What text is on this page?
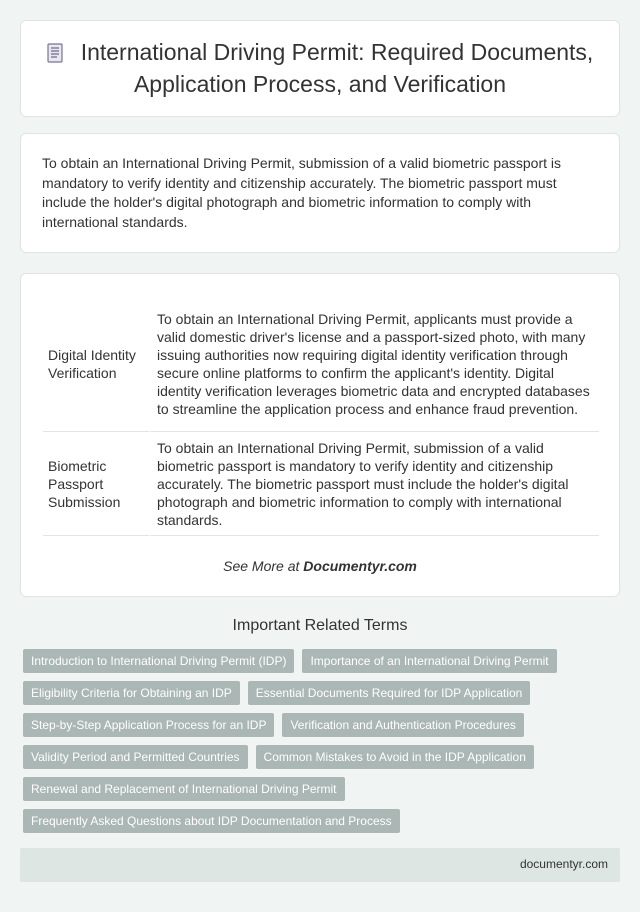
International Driving Permit: Required Documents, Application Process, and Verification

To obtain an International Driving Permit, submission of a valid biometric passport is mandatory to verify identity and citizenship accurately. The biometric passport must include the holder's digital photograph and biometric information to comply with international standards.

Digital Identity Verification	To obtain an International Driving Permit, applicants must provide a valid domestic driver's license and a passport-sized photo, with many issuing authorities now requiring digital identity verification through secure online platforms to confirm the applicant's identity. Digital identity verification leverages biometric data and encrypted databases to streamline the application process and enhance fraud prevention.
Biometric Passport Submission	To obtain an International Driving Permit, submission of a valid biometric passport is mandatory to verify identity and citizenship accurately. The biometric passport must include the holder's digital photograph and biometric information to comply with international standards.
See More at Documentyr.com
Important Related Terms
Introduction to International Driving Permit (IDP)	Importance of an International Driving Permit
Eligibility Criteria for Obtaining an IDP	Essential Documents Required for IDP Application
Step-by-Step Application Process for an IDP	Verification and Authentication Procedures
Validity Period and Permitted Countries	Common Mistakes to Avoid in the IDP Application
Renewal and Replacement of International Driving Permit
Frequently Asked Questions about IDP Documentation and Process
documentyr.com
